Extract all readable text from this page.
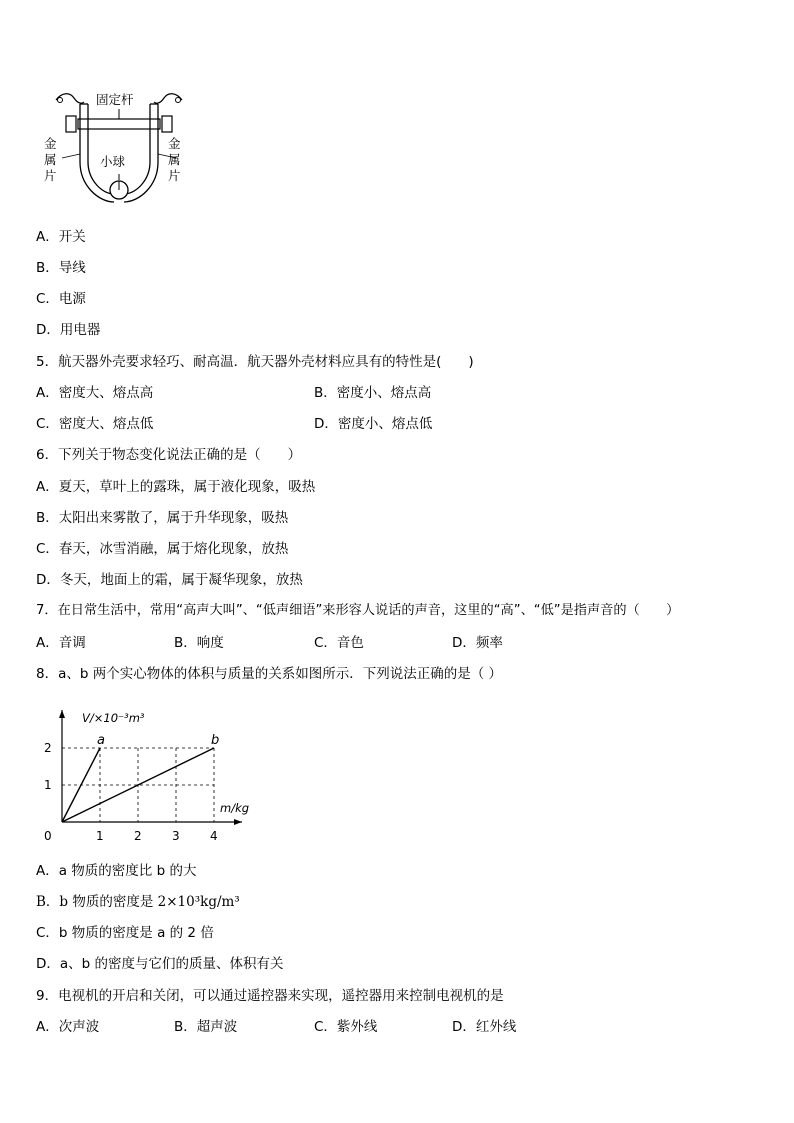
固定杆
小球
金
属
片
金
属
片
A．开关
B．导线
C．电源
D．用电器
5．航天器外壳要求轻巧、耐高温．航天器外壳材料应具有的特性是(　　)
A．密度大、熔点高	B．密度小、熔点高
C．密度大、熔点低	D．密度小、熔点低
6．下列关于物态变化说法正确的是（　　）
A．夏天，草叶上的露珠，属于液化现象，吸热
B．太阳出来雾散了，属于升华现象，吸热
C．春天，冰雪消融，属于熔化现象，放热
D．冬天，地面上的霜，属于凝华现象，放热
7．在日常生活中，常用“高声大叫”、“低声细语”来形容人说话的声音，这里的“高”、“低”是指声音的（　　）
A．音调	B．响度	C．音色	D．频率
8．a、b 两个实心物体的体积与质量的关系如图所示．下列说法正确的是（ ）
a	b
1	2	3	4
1
2
0
V/×10⁻³m³
m/kg
A．a 物质的密度比 b 的大
B．b 物质的密度是 2×10³kg/m³
C．b 物质的密度是 a 的 2 倍
D．a、b 的密度与它们的质量、体积有关
9．电视机的开启和关闭，可以通过遥控器来实现，遥控器用来控制电视机的是
A．次声波	B．超声波	C．紫外线	D．红外线
